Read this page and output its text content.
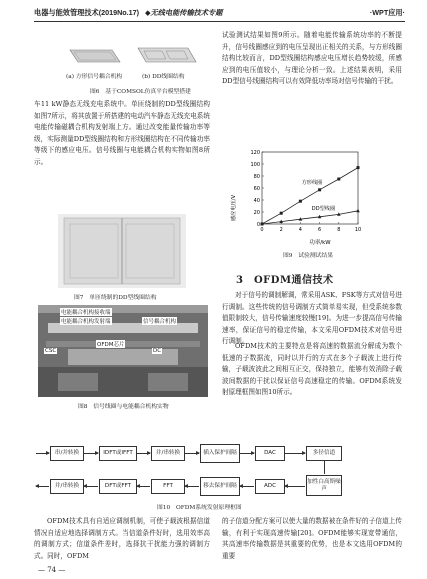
电器与能效管理技术(2019No.17) ◆无线电能传输技术专题	·WPT应用·
(a) 方形信号耦合机构	(b) DD线圈结构
图6　基于COMSOL仿真平台模型搭建
车11 kW静态无线充电系统中。单匝绕制的DD型线圈结构如图7所示，将其放置于所搭建的电动汽车静态无线充电系统电能传输磁耦合机构发射端上方。通过改变能量传输功率等级，实际测量DD型线圈结构和方形线圈结构在不同传输功率等级下的感应电压。信号线圈与电能耦合机构实物如图8所示。
图7　单匝绕制的DD型线圈结构
电能耦合机构接收端
信号耦合机构
电能耦合机构发射端
OFDM芯片
CSC	DC
图8　信号线圈与电能耦合机构实物
试验测试结果如图9所示。随着电能传输系统功率的不断提升，信号线圈感应到的电压呈现出正相关的关系，与方形线圈结构比较而言，DD型线圈结构感应电压增长趋势较缓，所感应到的电压值较小，与理论分析一致。上述结果表明，采用DD型信号线圈结构可以有效降低功率场对信号传输的干扰。
感应电压/V
功率/kW
0
20
40
60
80
100
120
0	2	4	6	8	10
方形线圈
DD型线圈
图9　试验测试结果
3　OFDM通信技术
对于信号的调制解调，常采用ASK、FSK等方式对信号进行调制。这些传统的信号调制方式简单易实现，但受系统参数值限制较大，信号传输速度较慢[19]。为进一步提高信号传输速率，保证信号的稳定传输，本文采用OFDM技术对信号进行调制。
OFDM技术的主要特点是将高速的数据流分解成为数个低速的子数据流，同时以并行的方式在多个子载波上进行传输，子载波波此之间相互正交，保持独立，能够有效消除子载波间数据的干扰以保证信号高速稳定的传输。OFDM系统发射原理框图如图10所示。
串/并转换	IDFT或IFFT	并/串转换	插入保护间隔	DAC	多径信道
并/串转换	DFT或FFT	FFT	移去保护间隔	ADC
加性白高斯噪声
图10　OFDM系统发射原理框图
OFDM技术具有自适应调制机制，可使子载波根据信道情况自适应地选择调制方式。当信道条件好时，选用效率高的调制方式；信道条件差时，选择抗干扰能力强的调制方式。同时，OFDM
的子信道分配方案可以使大量的数据被在条件好的子信道上传输，有利于实现高速传输[20]。OFDM能够实现宽带通信，其高速率传输数据是其重要的优势，也是本文选用OFDM的重要
— 74 —
